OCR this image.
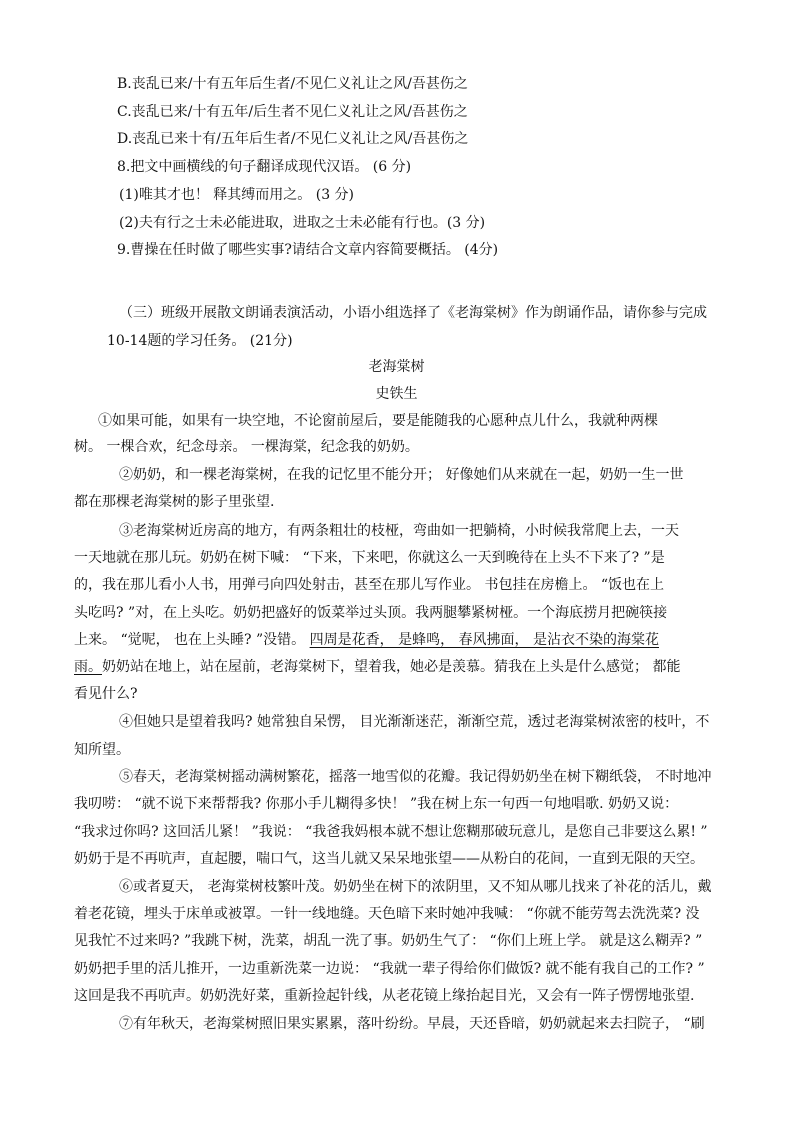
B.丧乱已来/十有五年后生者/不见仁义礼让之风/吾甚伤之
C.丧乱已来/十有五年/后生者不见仁义礼让之风/吾甚伤之
D.丧乱已来十有/五年后生者/不见仁义礼让之风/吾甚伤之
8.把文中画横线的句子翻译成现代汉语。 (6 分)
(1)唯其才也！ 释其缚而用之。 (3 分)
(2)夫有行之士未必能进取，进取之士未必能有行也。(3 分)
9.曹操在任时做了哪些实事?请结合文章内容简要概括。 (4分)
（三）班级开展散文朗诵表演活动，小语小组选择了《老海棠树》作为朗诵作品，请你参与完成
10-14题的学习任务。 (21分)
老海棠树
史铁生
①如果可能，如果有一块空地，不论窗前屋后，要是能随我的心愿种点儿什么，我就种两棵
树。 一棵合欢，纪念母亲。 一棵海棠，纪念我的奶奶。
②奶奶，和一棵老海棠树，在我的记忆里不能分开； 好像她们从来就在一起，奶奶一生一世
都在那棵老海棠树的影子里张望.
③老海棠树近房高的地方，有两条粗壮的枝桠，弯曲如一把躺椅，小时候我常爬上去，一天
一天地就在那儿玩。奶奶在树下喊： “下来，下来吧，你就这么一天到晚待在上头不下来了? ”是
的，我在那儿看小人书，用弹弓向四处射击，甚至在那儿写作业。 书包挂在房檐上。 “饭也在上
头吃吗? ”对，在上头吃。奶奶把盛好的饭菜举过头顶。我两腿攀紧树桠。一个海底捞月把碗筷接
上来。 “觉呢， 也在上头睡? ”没错。 四周是花香， 是蜂鸣， 春风拂面， 是沾衣不染的海棠花
雨。奶奶站在地上，站在屋前，老海棠树下，望着我，她必是羡慕。猜我在上头是什么感觉； 都能
看见什么?
④但她只是望着我吗? 她常独自呆愣， 目光渐渐迷茫，渐渐空荒，透过老海棠树浓密的枝叶，不
知所望。
⑤春天，老海棠树摇动满树繁花，摇落一地雪似的花瓣。我记得奶奶坐在树下糊纸袋， 不时地冲
我叨唠： “就不说下来帮帮我? 你那小手儿糊得多快！ ”我在树上东一句西一句地唱歌. 奶奶又说：
“我求过你吗? 这回活儿紧！ ”我说： “我爸我妈根本就不想让您糊那破玩意儿，是您自己非要这么累! ”
奶奶于是不再吭声，直起腰，喘口气，这当儿就又呆呆地张望——从粉白的花间，一直到无限的天空。
⑥或者夏天， 老海棠树枝繁叶茂。奶奶坐在树下的浓阴里，又不知从哪儿找来了补花的活儿，戴
着老花镜，埋头于床单或被罩。一针一线地缝。天色暗下来时她冲我喊： “你就不能劳驾去洗洗菜? 没
见我忙不过来吗? ”我跳下树，洗菜，胡乱一洗了事。奶奶生气了： “你们上班上学。 就是这么糊弄? ”
奶奶把手里的活儿推开，一边重新洗菜一边说： “我就一辈子得给你们做饭? 就不能有我自己的工作? ”
这回是我不再吭声。奶奶洗好菜，重新捡起针线，从老花镜上缘抬起目光，又会有一阵子愣愣地张望.
⑦有年秋天，老海棠树照旧果实累累，落叶纷纷。早晨，天还昏暗，奶奶就起来去扫院子， “刷
